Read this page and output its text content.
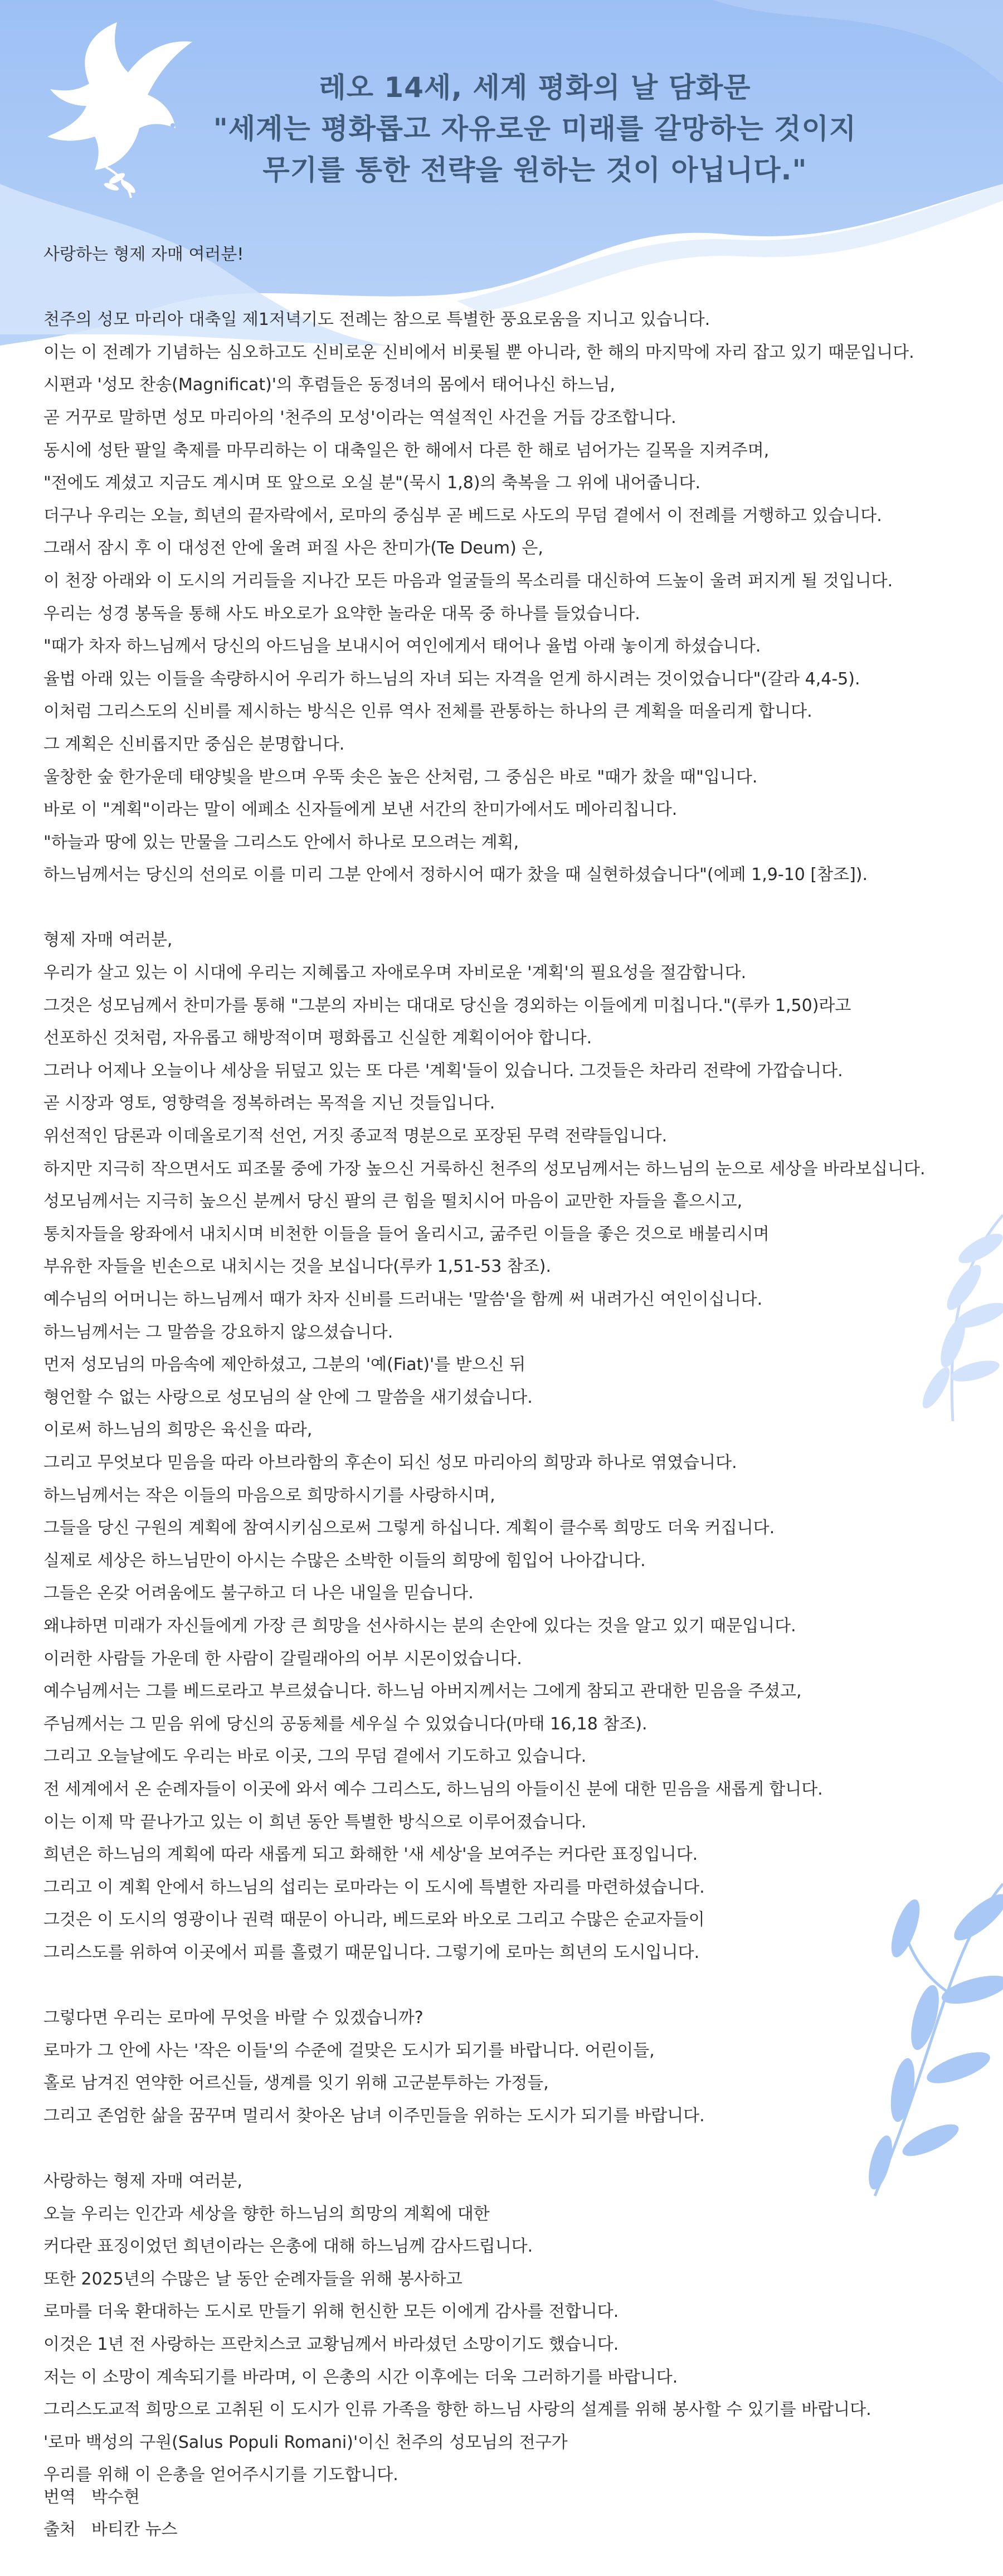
레오 14세, 세계 평화의 날 담화문
"세계는 평화롭고 자유로운 미래를 갈망하는 것이지
무기를 통한 전략을 원하는 것이 아닙니다."
사랑하는 형제 자매 여러분!
천주의 성모 마리아 대축일 제1저녁기도 전례는 참으로 특별한 풍요로움을 지니고 있습니다.
이는 이 전례가 기념하는 심오하고도 신비로운 신비에서 비롯될 뿐 아니라, 한 해의 마지막에 자리 잡고 있기 때문입니다.
시편과 '성모 찬송(Magnificat)'의 후렴들은 동정녀의 몸에서 태어나신 하느님,
곧 거꾸로 말하면 성모 마리아의 '천주의 모성'이라는 역설적인 사건을 거듭 강조합니다.
동시에 성탄 팔일 축제를 마무리하는 이 대축일은 한 해에서 다른 한 해로 넘어가는 길목을 지켜주며,
"전에도 계셨고 지금도 계시며 또 앞으로 오실 분"(묵시 1,8)의 축복을 그 위에 내어줍니다.
더구나 우리는 오늘, 희년의 끝자락에서, 로마의 중심부 곧 베드로 사도의 무덤 곁에서 이 전례를 거행하고 있습니다.
그래서 잠시 후 이 대성전 안에 울려 퍼질 사은 찬미가(Te Deum) 은,
이 천장 아래와 이 도시의 거리들을 지나간 모든 마음과 얼굴들의 목소리를 대신하여 드높이 울려 퍼지게 될 것입니다.
우리는 성경 봉독을 통해 사도 바오로가 요약한 놀라운 대목 중 하나를 들었습니다.
"때가 차자 하느님께서 당신의 아드님을 보내시어 여인에게서 태어나 율법 아래 놓이게 하셨습니다.
율법 아래 있는 이들을 속량하시어 우리가 하느님의 자녀 되는 자격을 얻게 하시려는 것이었습니다"(갈라 4,4-5).
이처럼 그리스도의 신비를 제시하는 방식은 인류 역사 전체를 관통하는 하나의 큰 계획을 떠올리게 합니다.
그 계획은 신비롭지만 중심은 분명합니다.
울창한 숲 한가운데 태양빛을 받으며 우뚝 솟은 높은 산처럼, 그 중심은 바로 "때가 찼을 때"입니다.
바로 이 "계획"이라는 말이 에페소 신자들에게 보낸 서간의 찬미가에서도 메아리칩니다.
"하늘과 땅에 있는 만물을 그리스도 안에서 하나로 모으려는 계획,
하느님께서는 당신의 선의로 이를 미리 그분 안에서 정하시어 때가 찼을 때 실현하셨습니다"(에페 1,9-10 [참조]).
형제 자매 여러분,
우리가 살고 있는 이 시대에 우리는 지혜롭고 자애로우며 자비로운 '계획'의 필요성을 절감합니다.
그것은 성모님께서 찬미가를 통해 "그분의 자비는 대대로 당신을 경외하는 이들에게 미칩니다."(루카 1,50)라고
선포하신 것처럼, 자유롭고 해방적이며 평화롭고 신실한 계획이어야 합니다.
그러나 어제나 오늘이나 세상을 뒤덮고 있는 또 다른 '계획'들이 있습니다. 그것들은 차라리 전략에 가깝습니다.
곧 시장과 영토, 영향력을 정복하려는 목적을 지닌 것들입니다.
위선적인 담론과 이데올로기적 선언, 거짓 종교적 명분으로 포장된 무력 전략들입니다.
하지만 지극히 작으면서도 피조물 중에 가장 높으신 거룩하신 천주의 성모님께서는 하느님의 눈으로 세상을 바라보십니다.
성모님께서는 지극히 높으신 분께서 당신 팔의 큰 힘을 떨치시어 마음이 교만한 자들을 흩으시고,
통치자들을 왕좌에서 내치시며 비천한 이들을 들어 올리시고, 굶주린 이들을 좋은 것으로 배불리시며
부유한 자들을 빈손으로 내치시는 것을 보십니다(루카 1,51-53 참조).
예수님의 어머니는 하느님께서 때가 차자 신비를 드러내는 '말씀'을 함께 써 내려가신 여인이십니다.
하느님께서는 그 말씀을 강요하지 않으셨습니다.
먼저 성모님의 마음속에 제안하셨고, 그분의 '예(Fiat)'를 받으신 뒤
형언할 수 없는 사랑으로 성모님의 살 안에 그 말씀을 새기셨습니다.
이로써 하느님의 희망은 육신을 따라,
그리고 무엇보다 믿음을 따라 아브라함의 후손이 되신 성모 마리아의 희망과 하나로 엮였습니다.
하느님께서는 작은 이들의 마음으로 희망하시기를 사랑하시며,
그들을 당신 구원의 계획에 참여시키심으로써 그렇게 하십니다. 계획이 클수록 희망도 더욱 커집니다.
실제로 세상은 하느님만이 아시는 수많은 소박한 이들의 희망에 힘입어 나아갑니다.
그들은 온갖 어려움에도 불구하고 더 나은 내일을 믿습니다.
왜냐하면 미래가 자신들에게 가장 큰 희망을 선사하시는 분의 손안에 있다는 것을 알고 있기 때문입니다.
이러한 사람들 가운데 한 사람이 갈릴래아의 어부 시몬이었습니다.
예수님께서는 그를 베드로라고 부르셨습니다. 하느님 아버지께서는 그에게 참되고 관대한 믿음을 주셨고,
주님께서는 그 믿음 위에 당신의 공동체를 세우실 수 있었습니다(마태 16,18 참조).
그리고 오늘날에도 우리는 바로 이곳, 그의 무덤 곁에서 기도하고 있습니다.
전 세계에서 온 순례자들이 이곳에 와서 예수 그리스도, 하느님의 아들이신 분에 대한 믿음을 새롭게 합니다.
이는 이제 막 끝나가고 있는 이 희년 동안 특별한 방식으로 이루어졌습니다.
희년은 하느님의 계획에 따라 새롭게 되고 화해한 '새 세상'을 보여주는 커다란 표징입니다.
그리고 이 계획 안에서 하느님의 섭리는 로마라는 이 도시에 특별한 자리를 마련하셨습니다.
그것은 이 도시의 영광이나 권력 때문이 아니라, 베드로와 바오로 그리고 수많은 순교자들이
그리스도를 위하여 이곳에서 피를 흘렸기 때문입니다. 그렇기에 로마는 희년의 도시입니다.
그렇다면 우리는 로마에 무엇을 바랄 수 있겠습니까?
로마가 그 안에 사는 '작은 이들'의 수준에 걸맞은 도시가 되기를 바랍니다. 어린이들,
홀로 남겨진 연약한 어르신들, 생계를 잇기 위해 고군분투하는 가정들,
그리고 존엄한 삶을 꿈꾸며 멀리서 찾아온 남녀 이주민들을 위하는 도시가 되기를 바랍니다.
사랑하는 형제 자매 여러분,
오늘 우리는 인간과 세상을 향한 하느님의 희망의 계획에 대한
커다란 표징이었던 희년이라는 은총에 대해 하느님께 감사드립니다.
또한 2025년의 수많은 날 동안 순례자들을 위해 봉사하고
로마를 더욱 환대하는 도시로 만들기 위해 헌신한 모든 이에게 감사를 전합니다.
이것은 1년 전 사랑하는 프란치스코 교황님께서 바라셨던 소망이기도 했습니다.
저는 이 소망이 계속되기를 바라며, 이 은총의 시간 이후에는 더욱 그러하기를 바랍니다.
그리스도교적 희망으로 고취된 이 도시가 인류 가족을 향한 하느님 사랑의 설계를 위해 봉사할 수 있기를 바랍니다.
'로마 백성의 구원(Salus Populi Romani)'이신 천주의 성모님의 전구가
우리를 위해 이 은총을 얻어주시기를 기도합니다.
번역 박수현
출처 바티칸 뉴스
